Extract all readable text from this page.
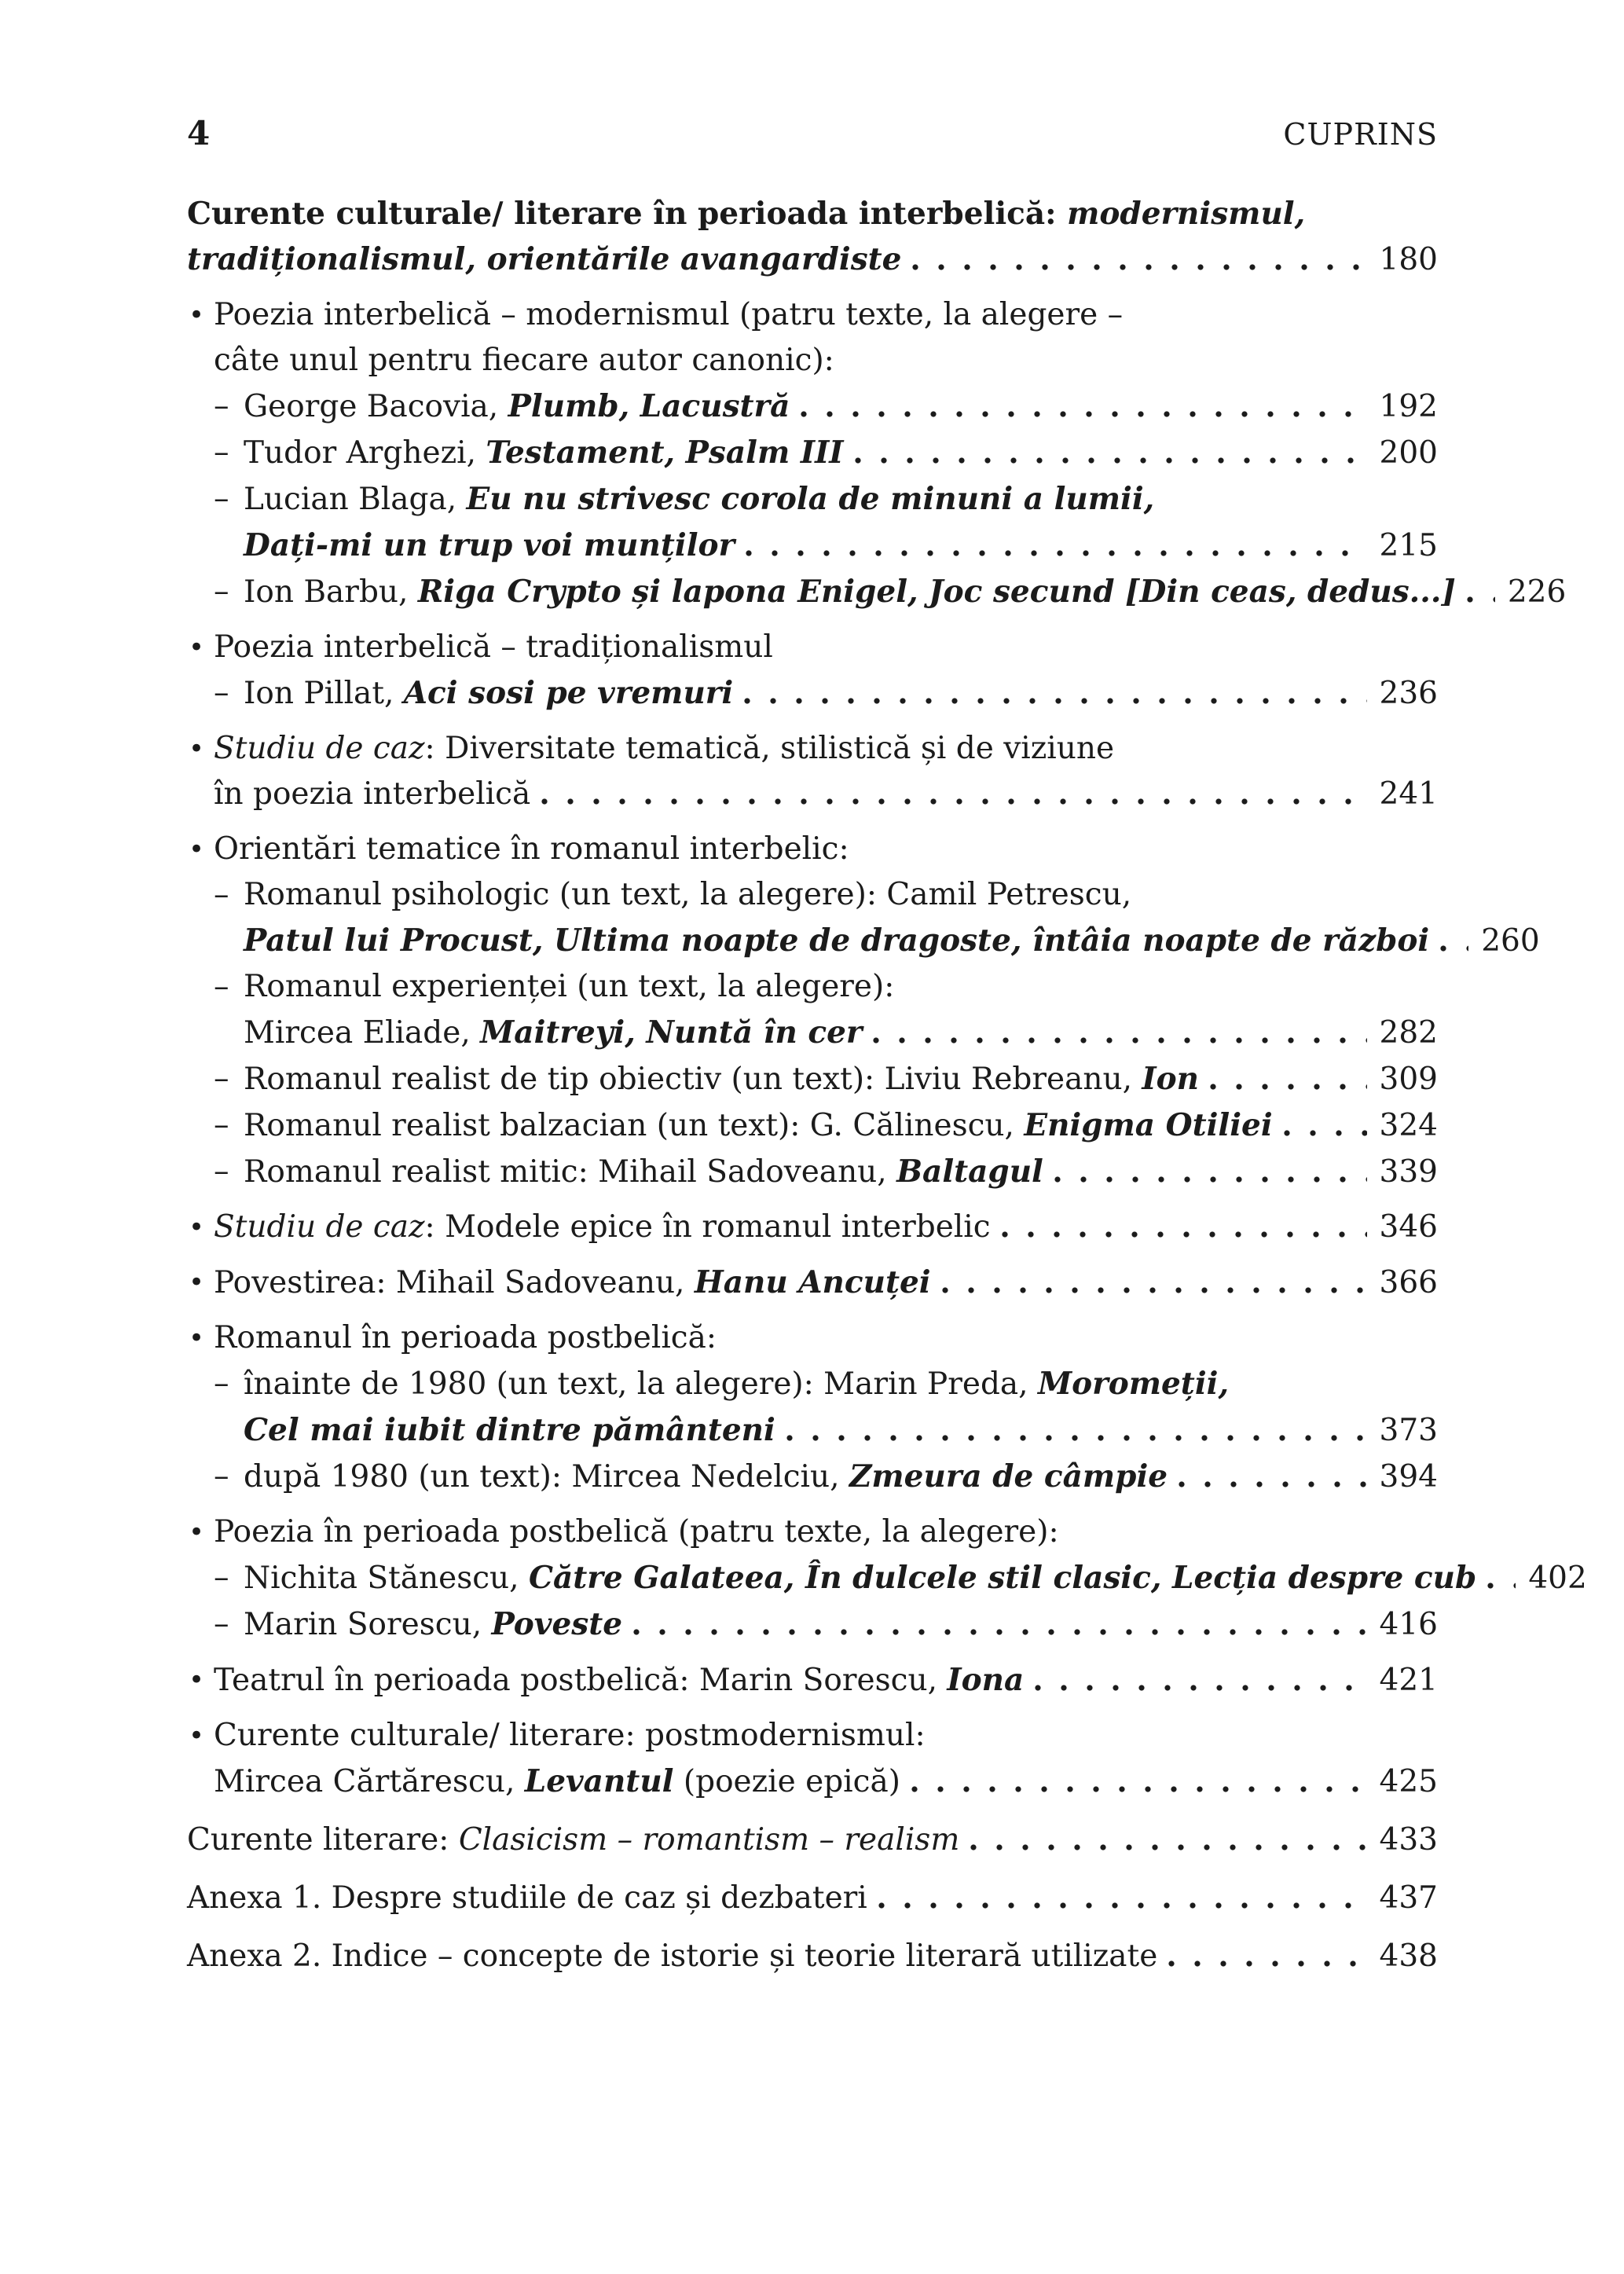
4	CUPRINS
Curente culturale/ literare în perioada interbelică: modernismul,
tradiționalismul, orientările avangardiste	180
• Poezia interbelică – modernismul (patru texte, la alegere –
câte unul pentru fiecare autor canonic):
– George Bacovia, Plumb, Lacustră	192
– Tudor Arghezi, Testament, Psalm III	200
– Lucian Blaga, Eu nu strivesc corola de minuni a lumii,
Dați-mi un trup voi munților	215
– Ion Barbu, Riga Crypto și lapona Enigel, Joc secund [Din ceas, dedus...] 226
• Poezia interbelică – tradiționalismul
– Ion Pillat, Aci sosi pe vremuri	236
• Studiu de caz : Diversitate tematică, stilistică și de viziune
în poezia interbelică	241
• Orientări tematice în romanul interbelic:
– Romanul psihologic (un text, la alegere): Camil Petrescu,
Patul lui Procust, Ultima noapte de dragoste, întâia noapte de război 260
– Romanul experienței (un text, la alegere):
Mircea Eliade, Maitreyi, Nuntă în cer	282
– Romanul realist de tip obiectiv (un text): Liviu Rebreanu, Ion	309
– Romanul realist balzacian (un text): G. Călinescu, Enigma Otiliei	324
– Romanul realist mitic: Mihail Sadoveanu, Baltagul	339
• Studiu de caz : Modele epice în romanul interbelic	346
• Povestirea: Mihail Sadoveanu, Hanu Ancuței	366
• Romanul în perioada postbelică:
– înainte de 1980 (un text, la alegere): Marin Preda, Moromeții,
Cel mai iubit dintre pământeni	373
– după 1980 (un text): Mircea Nedelciu, Zmeura de câmpie	394
• Poezia în perioada postbelică (patru texte, la alegere):
– Nichita Stănescu, Către Galateea, În dulcele stil clasic, Lecția despre cub 402
– Marin Sorescu, Poveste	416
• Teatrul în perioada postbelică: Marin Sorescu, Iona	421
• Curente culturale/ literare: postmodernismul:
Mircea Cărtărescu, Levantul (poezie epică)	425
Curente literare: Clasicism – romantism – realism	433
Anexa 1. Despre studiile de caz și dezbateri	437
Anexa 2. Indice – concepte de istorie și teorie literară utilizate	438
